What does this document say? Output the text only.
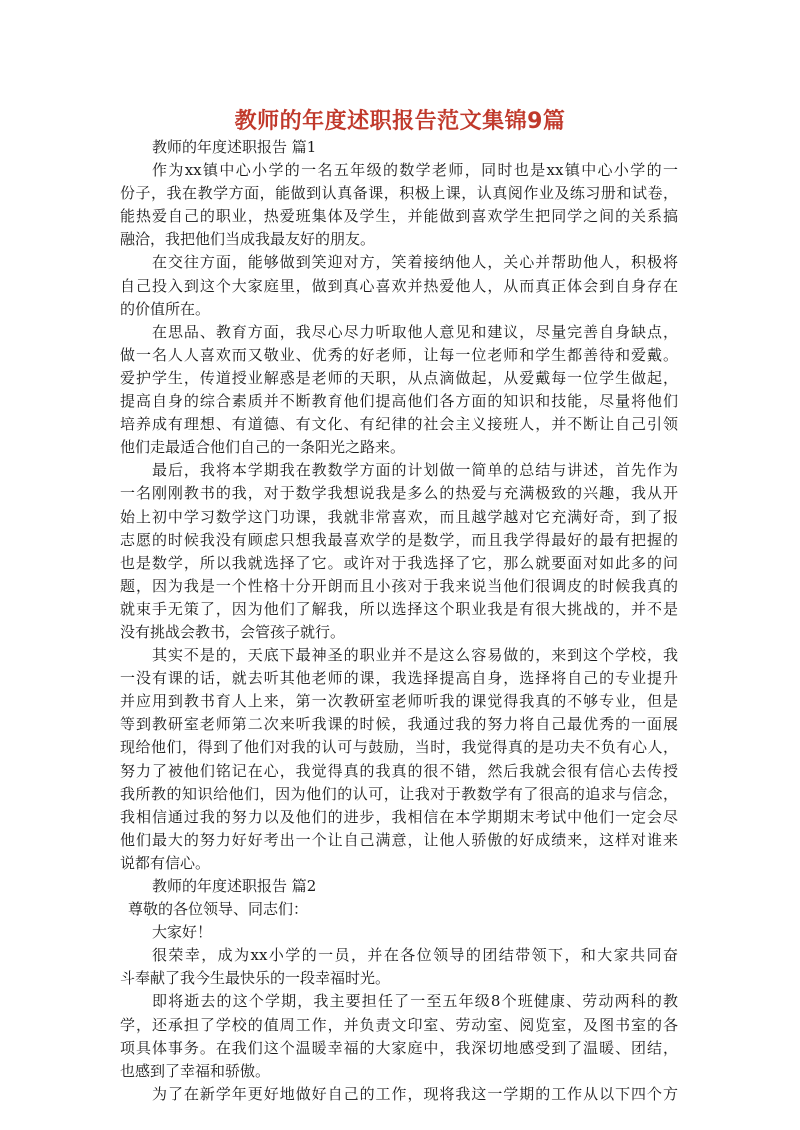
教师的年度述职报告范文集锦9篇
教师的年度述职报告 篇1
作为xx镇中心小学的一名五年级的数学老师，同时也是xx镇中心小学的一
份子，我在教学方面，能做到认真备课，积极上课，认真阅作业及练习册和试卷，
能热爱自己的职业，热爱班集体及学生，并能做到喜欢学生把同学之间的关系搞
融洽，我把他们当成我最友好的朋友。
在交往方面，能够做到笑迎对方，笑着接纳他人，关心并帮助他人，积极将
自己投入到这个大家庭里，做到真心喜欢并热爱他人，从而真正体会到自身存在
的价值所在。
在思品、教育方面，我尽心尽力听取他人意见和建议，尽量完善自身缺点，
做一名人人喜欢而又敬业、优秀的好老师，让每一位老师和学生都善待和爱戴。
爱护学生，传道授业解惑是老师的天职，从点滴做起，从爱戴每一位学生做起，
提高自身的综合素质并不断教育他们提高他们各方面的知识和技能，尽量将他们
培养成有理想、有道德、有文化、有纪律的社会主义接班人，并不断让自己引领
他们走最适合他们自己的一条阳光之路来。
最后，我将本学期我在教数学方面的计划做一简单的总结与讲述，首先作为
一名刚刚教书的我，对于数学我想说我是多么的热爱与充满极致的兴趣，我从开
始上初中学习数学这门功课，我就非常喜欢，而且越学越对它充满好奇，到了报
志愿的时候我没有顾虑只想我最喜欢学的是数学，而且我学得最好的最有把握的
也是数学，所以我就选择了它。或许对于我选择了它，那么就要面对如此多的问
题，因为我是一个性格十分开朗而且小孩对于我来说当他们很调皮的时候我真的
就束手无策了，因为他们了解我，所以选择这个职业我是有很大挑战的，并不是
没有挑战会教书，会管孩子就行。
其实不是的，天底下最神圣的职业并不是这么容易做的，来到这个学校，我
一没有课的话，就去听其他老师的课，我选择提高自身，选择将自己的专业提升
并应用到教书育人上来，第一次教研室老师听我的课觉得我真的不够专业，但是
等到教研室老师第二次来听我课的时候，我通过我的努力将自己最优秀的一面展
现给他们，得到了他们对我的认可与鼓励，当时，我觉得真的是功夫不负有心人，
努力了被他们铭记在心，我觉得真的我真的很不错，然后我就会很有信心去传授
我所教的知识给他们，因为他们的认可，让我对于教数学有了很高的追求与信念，
我相信通过我的努力以及他们的进步，我相信在本学期期末考试中他们一定会尽
他们最大的努力好好考出一个让自己满意，让他人骄傲的好成绩来，这样对谁来
说都有信心。
教师的年度述职报告 篇2
尊敬的各位领导、同志们：
大家好！
很荣幸，成为xx小学的一员，并在各位领导的团结带领下，和大家共同奋
斗奉献了我今生最快乐的一段幸福时光。
即将逝去的这个学期，我主要担任了一至五年级8个班健康、劳动两科的教
学，还承担了学校的值周工作，并负责文印室、劳动室、阅览室，及图书室的各
项具体事务。在我们这个温暖幸福的大家庭中，我深切地感受到了温暖、团结，
也感到了幸福和骄傲。
为了在新学年更好地做好自己的工作，现将我这一学期的工作从以下四个方
